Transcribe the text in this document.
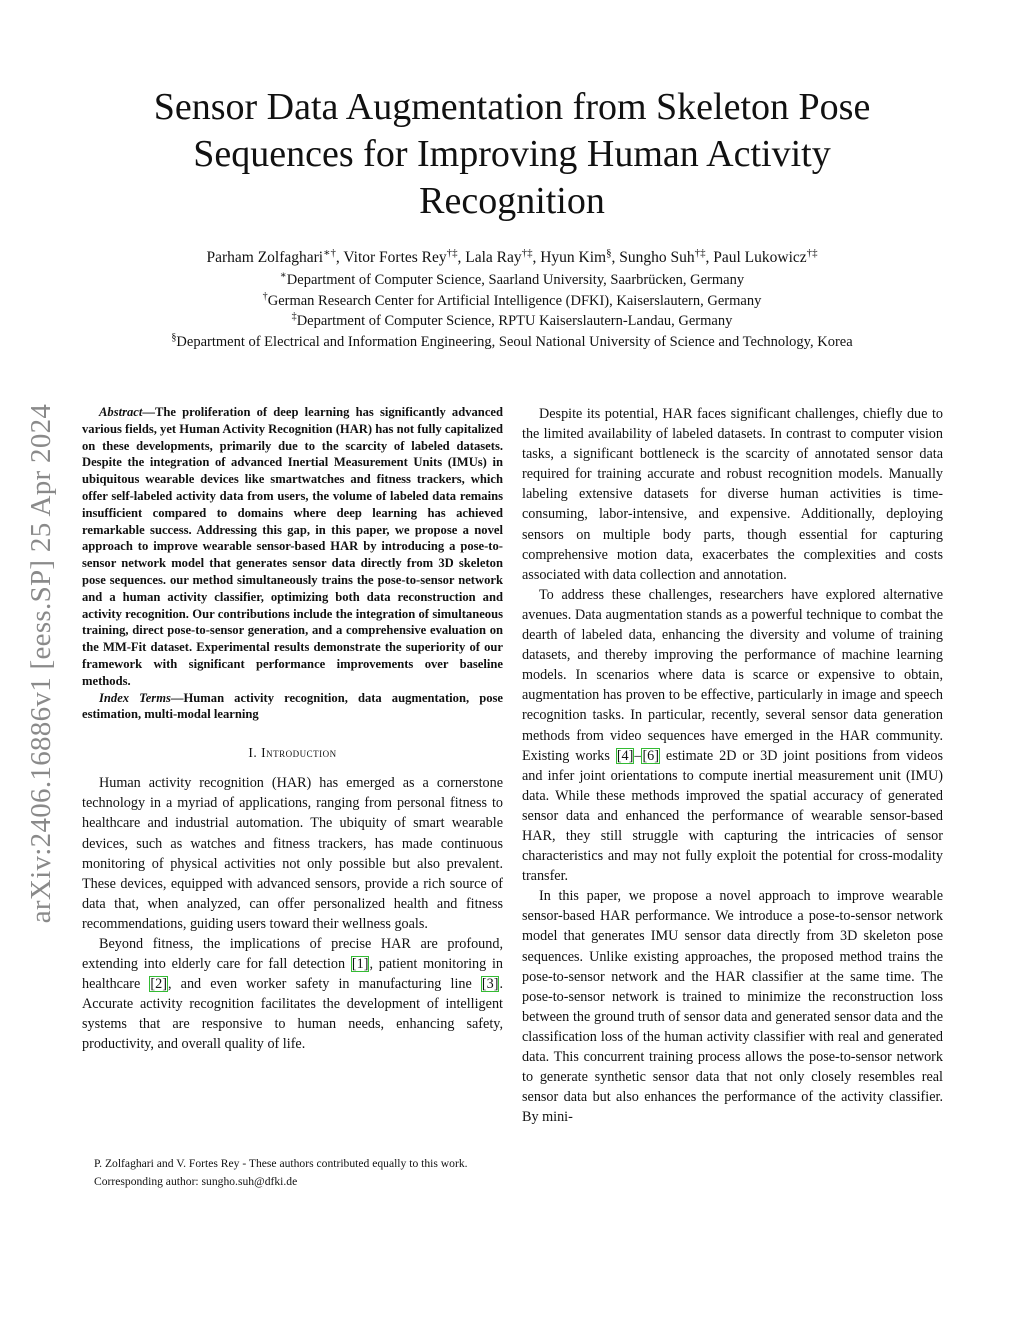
arXiv:2406.16886v1 [eess.SP] 25 Apr 2024
Sensor Data Augmentation from Skeleton Pose
Sequences for Improving Human Activity
Recognition
Parham Zolfaghari∗†, Vitor Fortes Rey†‡, Lala Ray†‡, Hyun Kim§, Sungho Suh†‡, Paul Lukowicz†‡
∗Department of Computer Science, Saarland University, Saarbrücken, Germany
†German Research Center for Artificial Intelligence (DFKI), Kaiserslautern, Germany
‡Department of Computer Science, RPTU Kaiserslautern-Landau, Germany
§Department of Electrical and Information Engineering, Seoul National University of Science and Technology, Korea

Abstract—The proliferation of deep learning has significantly advanced various fields, yet Human Activity Recognition (HAR) has not fully capitalized on these developments, primarily due to the scarcity of labeled datasets. Despite the integration of advanced Inertial Measurement Units (IMUs) in ubiquitous wearable devices like smartwatches and fitness trackers, which offer self-labeled activity data from users, the volume of labeled data remains insufficient compared to domains where deep learning has achieved remarkable success. Addressing this gap, in this paper, we propose a novel approach to improve wearable sensor-based HAR by introducing a pose-to-sensor network model that generates sensor data directly from 3D skeleton pose sequences. our method simultaneously trains the pose-to-sensor network and a human activity classifier, optimizing both data reconstruction and activity recognition. Our contributions include the integration of simultaneous training, direct pose-to-sensor generation, and a comprehensive evaluation on the MM-Fit dataset. Experimental results demonstrate the superiority of our framework with significant performance improvements over baseline methods.

Index Terms—Human activity recognition, data augmentation, pose estimation, multi-modal learning

I. Introduction

Human activity recognition (HAR) has emerged as a cornerstone technology in a myriad of applications, ranging from personal fitness to healthcare and industrial automation. The ubiquity of smart wearable devices, such as watches and fitness trackers, has made continuous monitoring of physical activities not only possible but also prevalent. These devices, equipped with advanced sensors, provide a rich source of data that, when analyzed, can offer personalized health and fitness recommendations, guiding users toward their wellness goals.

Beyond fitness, the implications of precise HAR are profound, extending into elderly care for fall detection [1], patient monitoring in healthcare [2], and even worker safety in manufacturing line [3]. Accurate activity recognition facilitates the development of intelligent systems that are responsive to human needs, enhancing safety, productivity, and overall quality of life.

P. Zolfaghari and V. Fortes Rey - These authors contributed equally to this work.

Corresponding author: sungho.suh@dfki.de

Despite its potential, HAR faces significant challenges, chiefly due to the limited availability of labeled datasets. In contrast to computer vision tasks, a significant bottleneck is the scarcity of annotated sensor data required for training accurate and robust recognition models. Manually labeling extensive datasets for diverse human activities is time-consuming, labor-intensive, and expensive. Additionally, deploying sensors on multiple body parts, though essential for capturing comprehensive motion data, exacerbates the complexities and costs associated with data collection and annotation.

To address these challenges, researchers have explored alternative avenues. Data augmentation stands as a powerful technique to combat the dearth of labeled data, enhancing the diversity and volume of training datasets, and thereby improving the performance of machine learning models. In scenarios where data is scarce or expensive to obtain, augmentation has proven to be effective, particularly in image and speech recognition tasks. In particular, recently, several sensor data generation methods from video sequences have emerged in the HAR community. Existing works [4]–[6] estimate 2D or 3D joint positions from videos and infer joint orientations to compute inertial measurement unit (IMU) data. While these methods improved the spatial accuracy of generated sensor data and enhanced the performance of wearable sensor-based HAR, they still struggle with capturing the intricacies of sensor characteristics and may not fully exploit the potential for cross-modality transfer.

In this paper, we propose a novel approach to improve wearable sensor-based HAR performance. We introduce a pose-to-sensor network model that generates IMU sensor data directly from 3D skeleton pose sequences. Unlike existing approaches, the proposed method trains the pose-to-sensor network and the HAR classifier at the same time. The pose-to-sensor network is trained to minimize the reconstruction loss between the ground truth of sensor data and generated sensor data and the classification loss of the human activity classifier with real and generated data. This concurrent training process allows the pose-to-sensor network to generate synthetic sensor data that not only closely resembles real sensor data but also enhances the performance of the activity classifier. By mini-
